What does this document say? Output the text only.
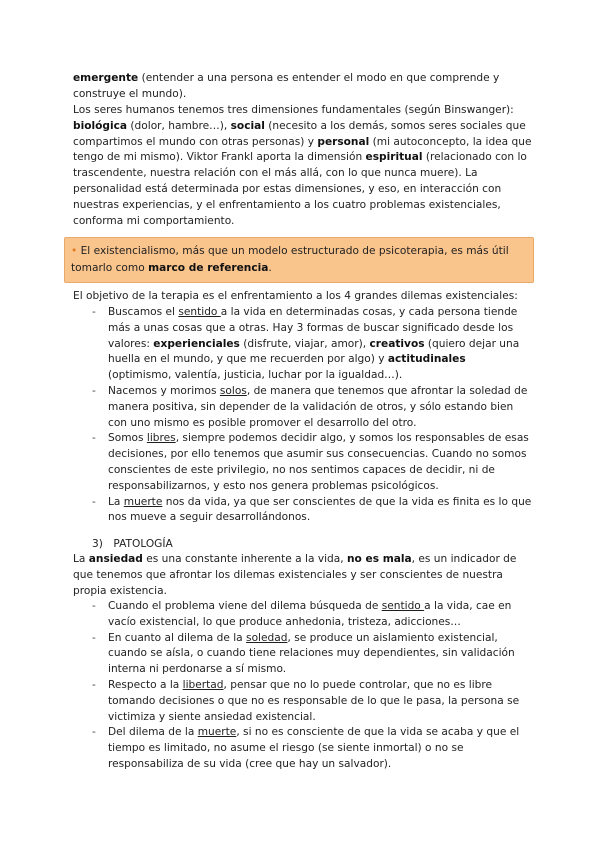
emergente (entender a una persona es entender el modo en que comprende y construye el mundo).

Los seres humanos tenemos tres dimensiones fundamentales (según Binswanger): biológica (dolor, hambre…), social (necesito a los demás, somos seres sociales que compartimos el mundo con otras personas) y personal (mi autoconcepto, la idea que tengo de mi mismo). Viktor Frankl aporta la dimensión espiritual (relacionado con lo trascendente, nuestra relación con el más allá, con lo que nunca muere). La personalidad está determinada por estas dimensiones, y eso, en interacción con nuestras experiencias, y el enfrentamiento a los cuatro problemas existenciales, conforma mi comportamiento.

• El existencialismo, más que un modelo estructurado de psicoterapia, es más útil tomarlo como marco de referencia.

El objetivo de la terapia es el enfrentamiento a los 4 grandes dilemas existenciales:

- Buscamos el sentido a la vida en determinadas cosas, y cada persona tiende más a unas cosas que a otras. Hay 3 formas de buscar significado desde los valores: experienciales (disfrute, viajar, amor), creativos (quiero dejar una huella en el mundo, y que me recuerden por algo) y actitudinales (optimismo, valentía, justicia, luchar por la igualdad…).
- Nacemos y morimos solos, de manera que tenemos que afrontar la soledad de manera positiva, sin depender de la validación de otros, y sólo estando bien con uno mismo es posible promover el desarrollo del otro.
- Somos libres, siempre podemos decidir algo, y somos los responsables de esas decisiones, por ello tenemos que asumir sus consecuencias. Cuando no somos conscientes de este privilegio, no nos sentimos capaces de decidir, ni de responsabilizarnos, y esto nos genera problemas psicológicos.
- La muerte nos da vida, ya que ser conscientes de que la vida es finita es lo que nos mueve a seguir desarrollándonos.
3) PATOLOGÍA

La ansiedad es una constante inherente a la vida, no es mala, es un indicador de que tenemos que afrontar los dilemas existenciales y ser conscientes de nuestra propia existencia.

- Cuando el problema viene del dilema búsqueda de sentido a la vida, cae en vacío existencial, lo que produce anhedonia, tristeza, adicciones…
- En cuanto al dilema de la soledad, se produce un aislamiento existencial, cuando se aísla, o cuando tiene relaciones muy dependientes, sin validación interna ni perdonarse a sí mismo.
- Respecto a la libertad, pensar que no lo puede controlar, que no es libre tomando decisiones o que no es responsable de lo que le pasa, la persona se victimiza y siente ansiedad existencial.
- Del dilema de la muerte, si no es consciente de que la vida se acaba y que el tiempo es limitado, no asume el riesgo (se siente inmortal) o no se responsabiliza de su vida (cree que hay un salvador).
